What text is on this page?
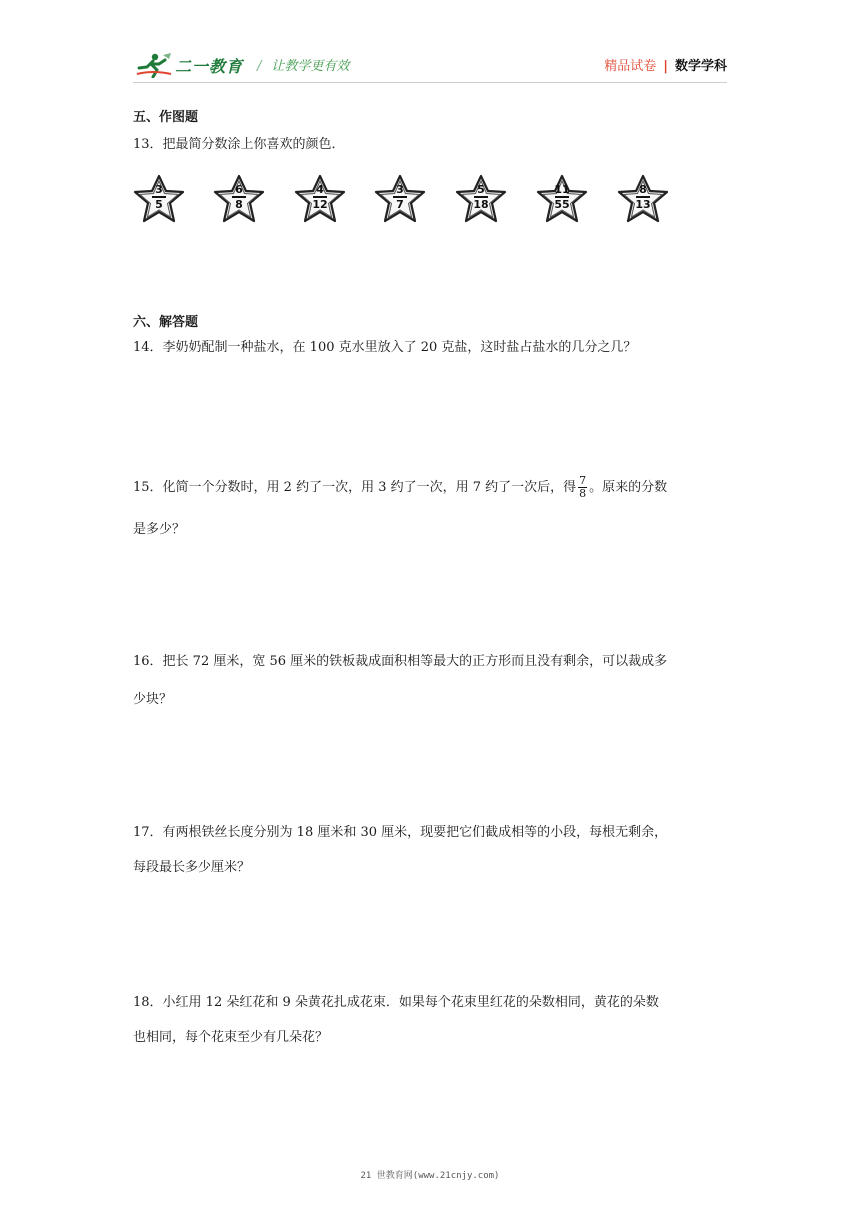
二一教育 / 让教学更有效	精品试卷 | 数学学科
五、作图题
13．把最简分数涂上你喜欢的颜色．
3
5
6
8
4
12
3
7
5
18
11
55
8
13
六、解答题
14．李奶奶配制一种盐水，在 100 克水里放入了 20 克盐，这时盐占盐水的几分之几？
15．化简一个分数时，用 2 约了一次，用 3 约了一次，用 7 约了一次后，得 $\frac{7}{8}$ 。原来的分数
是多少？
16．把长 72 厘米，宽 56 厘米的铁板裁成面积相等最大的正方形而且没有剩余，可以裁成多
少块？
17．有两根铁丝长度分别为 18 厘米和 30 厘米，现要把它们截成相等的小段，每根无剩余，
每段最长多少厘米？
18．小红用 12 朵红花和 9 朵黄花扎成花束．如果每个花束里红花的朵数相同，黄花的朵数
也相同，每个花束至少有几朵花？
21 世教育网(www.21cnjy.com)
